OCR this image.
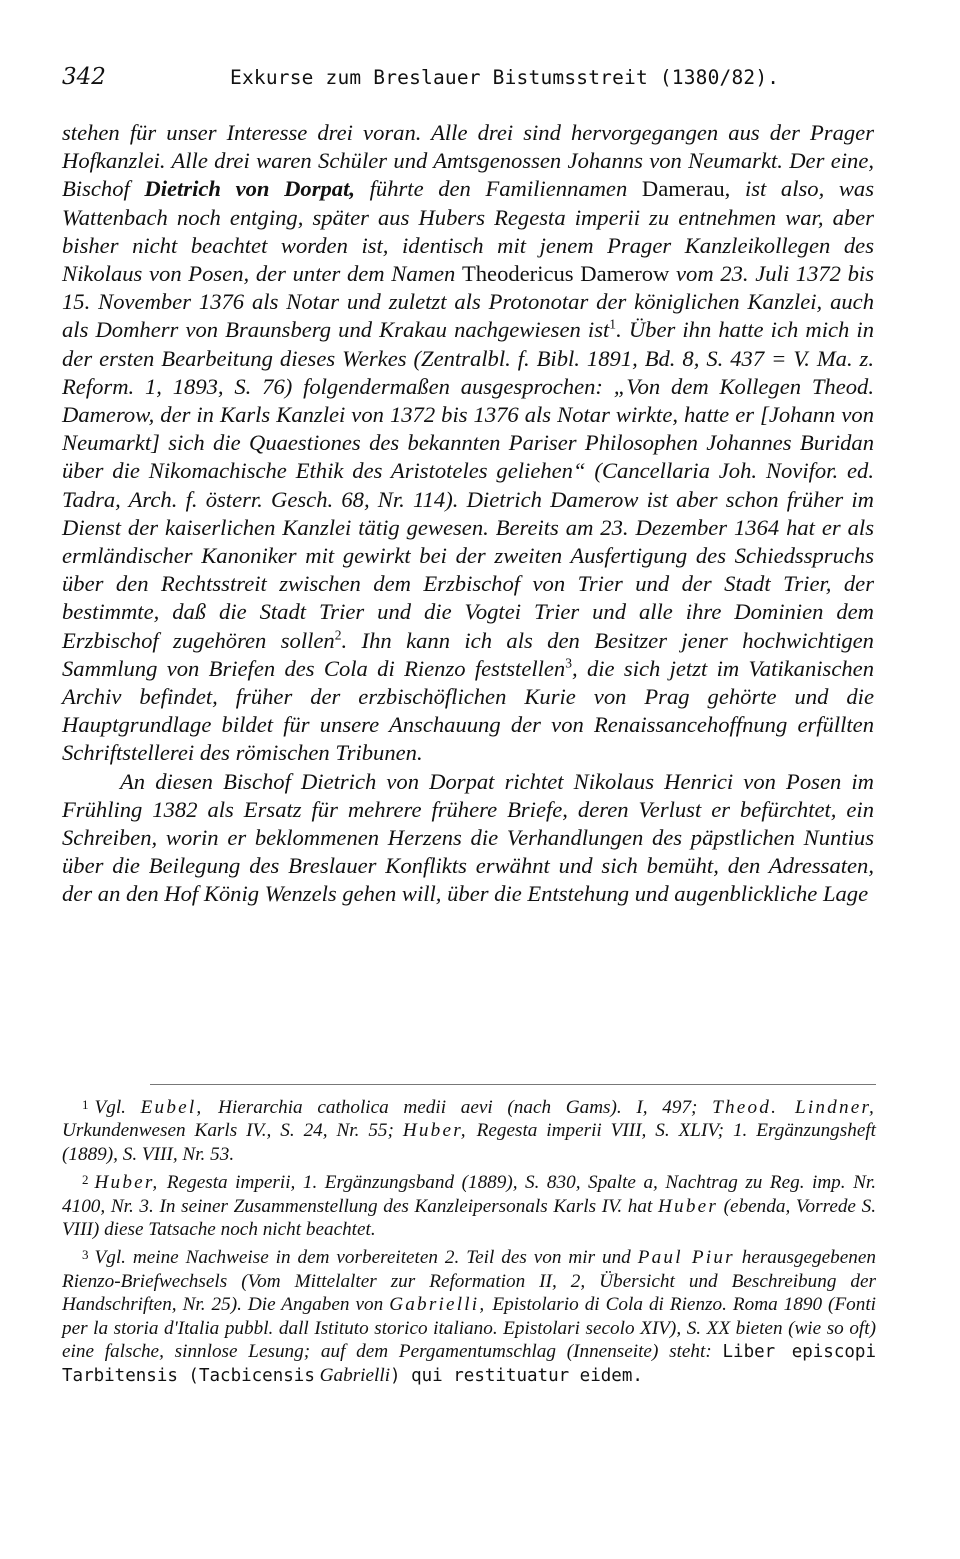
342	Exkurse zum Breslauer Bistumsstreit (1380/82).

stehen für unser Interesse drei voran. Alle drei sind hervorgegangen aus der Prager Hofkanzlei. Alle drei waren Schüler und Amtsgenossen Johanns von Neumarkt. Der eine, Bischof Dietrich von Dorpat, führte den Familiennamen Damerau, ist also, was Wattenbach noch entging, später aus Hubers Regesta imperii zu entnehmen war, aber bisher nicht beachtet worden ist, identisch mit jenem Prager Kanzleikollegen des Nikolaus von Posen, der unter dem Namen Theodericus Damerow vom 23. Juli 1372 bis 15. November 1376 als Notar und zuletzt als Protonotar der königlichen Kanzlei, auch als Domherr von Braunsberg und Krakau nachgewiesen ist$^1$. Über ihn hatte ich mich in der ersten Bearbeitung dieses Werkes (Zentralbl. f. Bibl. 1891, Bd. 8, S. 437 = V. Ma. z. Reform. 1, 1893, S. 76) folgendermaßen ausgesprochen: „Von dem Kollegen Theod. Damerow, der in Karls Kanzlei von 1372 bis 1376 als Notar wirkte, hatte er [Johann von Neumarkt] sich die Quaestiones des bekannten Pariser Philosophen Johannes Buridan über die Nikomachische Ethik des Aristoteles geliehen“ (Cancellaria Joh. Novifor. ed. Tadra, Arch. f. österr. Gesch. 68, Nr. 114). Dietrich Damerow ist aber schon früher im Dienst der kaiserlichen Kanzlei tätig gewesen. Bereits am 23. Dezember 1364 hat er als ermländischer Kanoniker mit gewirkt bei der zweiten Ausfertigung des Schiedsspruchs über den Rechtsstreit zwischen dem Erzbischof von Trier und der Stadt Trier, der bestimmte, daß die Stadt Trier und die Vogtei Trier und alle ihre Dominien dem Erzbischof zugehören sollen$^2$. Ihn kann ich als den Besitzer jener hochwichtigen Sammlung von Briefen des Cola di Rienzo feststellen$^3$, die sich jetzt im Vatikanischen Archiv befindet, früher der erzbischöflichen Kurie von Prag gehörte und die Hauptgrundlage bildet für unsere Anschauung der von Renaissancehoffnung erfüllten Schriftstellerei des römischen Tribunen.

An diesen Bischof Dietrich von Dorpat richtet Nikolaus Henrici von Posen im Frühling 1382 als Ersatz für mehrere frühere Briefe, deren Verlust er befürchtet, ein Schreiben, worin er beklommenen Herzens die Verhandlungen des päpstlichen Nuntius über die Beilegung des Breslauer Konflikts erwähnt und sich bemüht, den Adressaten, der an den Hof König Wenzels gehen will, über die Entstehung und augenblickliche Lage

$^1$ Vgl. Eubel, Hierarchia catholica medii aevi (nach Gams). I, 497; Theod. Lindner, Urkundenwesen Karls IV., S. 24, Nr. 55; Huber, Regesta imperii VIII, S. XLIV; 1. Ergänzungsheft (1889), S. VIII, Nr. 53.

$^2$ Huber, Regesta imperii, 1. Ergänzungsband (1889), S. 830, Spalte a, Nachtrag zu Reg. imp. Nr. 4100, Nr. 3. In seiner Zusammenstellung des Kanzleipersonals Karls IV. hat Huber (ebenda, Vorrede S. VIII) diese Tatsache noch nicht beachtet.

$^3$ Vgl. meine Nachweise in dem vorbereiteten 2. Teil des von mir und Paul Piur herausgegebenen Rienzo-Briefwechsels (Vom Mittelalter zur Reformation II, 2, Übersicht und Beschreibung der Handschriften, Nr. 25). Die Angaben von Gabrielli, Epistolario di Cola di Rienzo. Roma 1890 (Fonti per la storia d'Italia pubbl. dall Istituto storico italiano. Epistolari secolo XIV), S. XX bieten (wie so oft) eine falsche, sinnlose Lesung; auf dem Pergamentumschlag (Innenseite) steht: Liber episcopi Tarbitensis (Tacbicensis Gabrielli) qui restituatur eidem.
